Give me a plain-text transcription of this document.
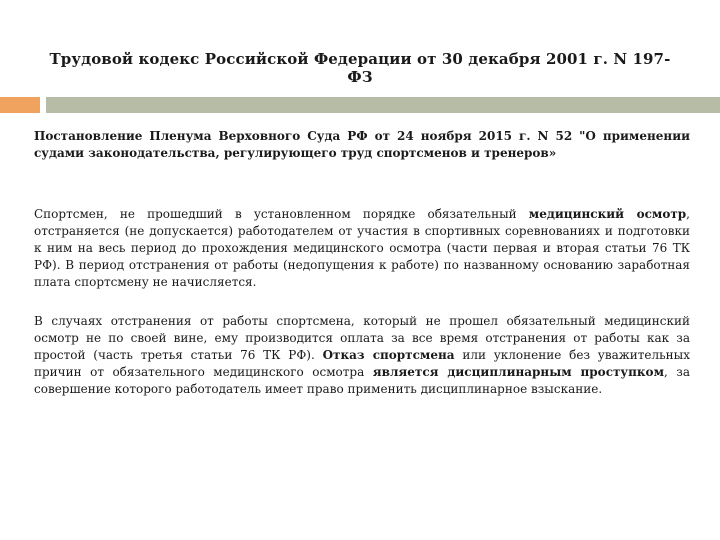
Трудовой кодекс Российской Федерации от 30 декабря 2001 г. N 197-ФЗ

Постановление Пленума Верховного Суда РФ от 24 ноября 2015 г. N 52 "О применении судами законодательства, регулирующего труд спортсменов и тренеров»

Спортсмен, не прошедший в установленном порядке обязательный медицинский осмотр, отстраняется (не допускается) работодателем от участия в спортивных соревнованиях и подготовки к ним на весь период до прохождения медицинского осмотра (части первая и вторая статьи 76 ТК РФ). В период отстранения от работы (недопущения к работе) по названному основанию заработная плата спортсмену не начисляется.

В случаях отстранения от работы спортсмена, который не прошел обязательный медицинский осмотр не по своей вине, ему производится оплата за все время отстранения от работы как за простой (часть третья статьи 76 ТК РФ). Отказ спортсмена или уклонение без уважительных причин от обязательного медицинского осмотра является дисциплинарным проступком, за совершение которого работодатель имеет право применить дисциплинарное взыскание.
